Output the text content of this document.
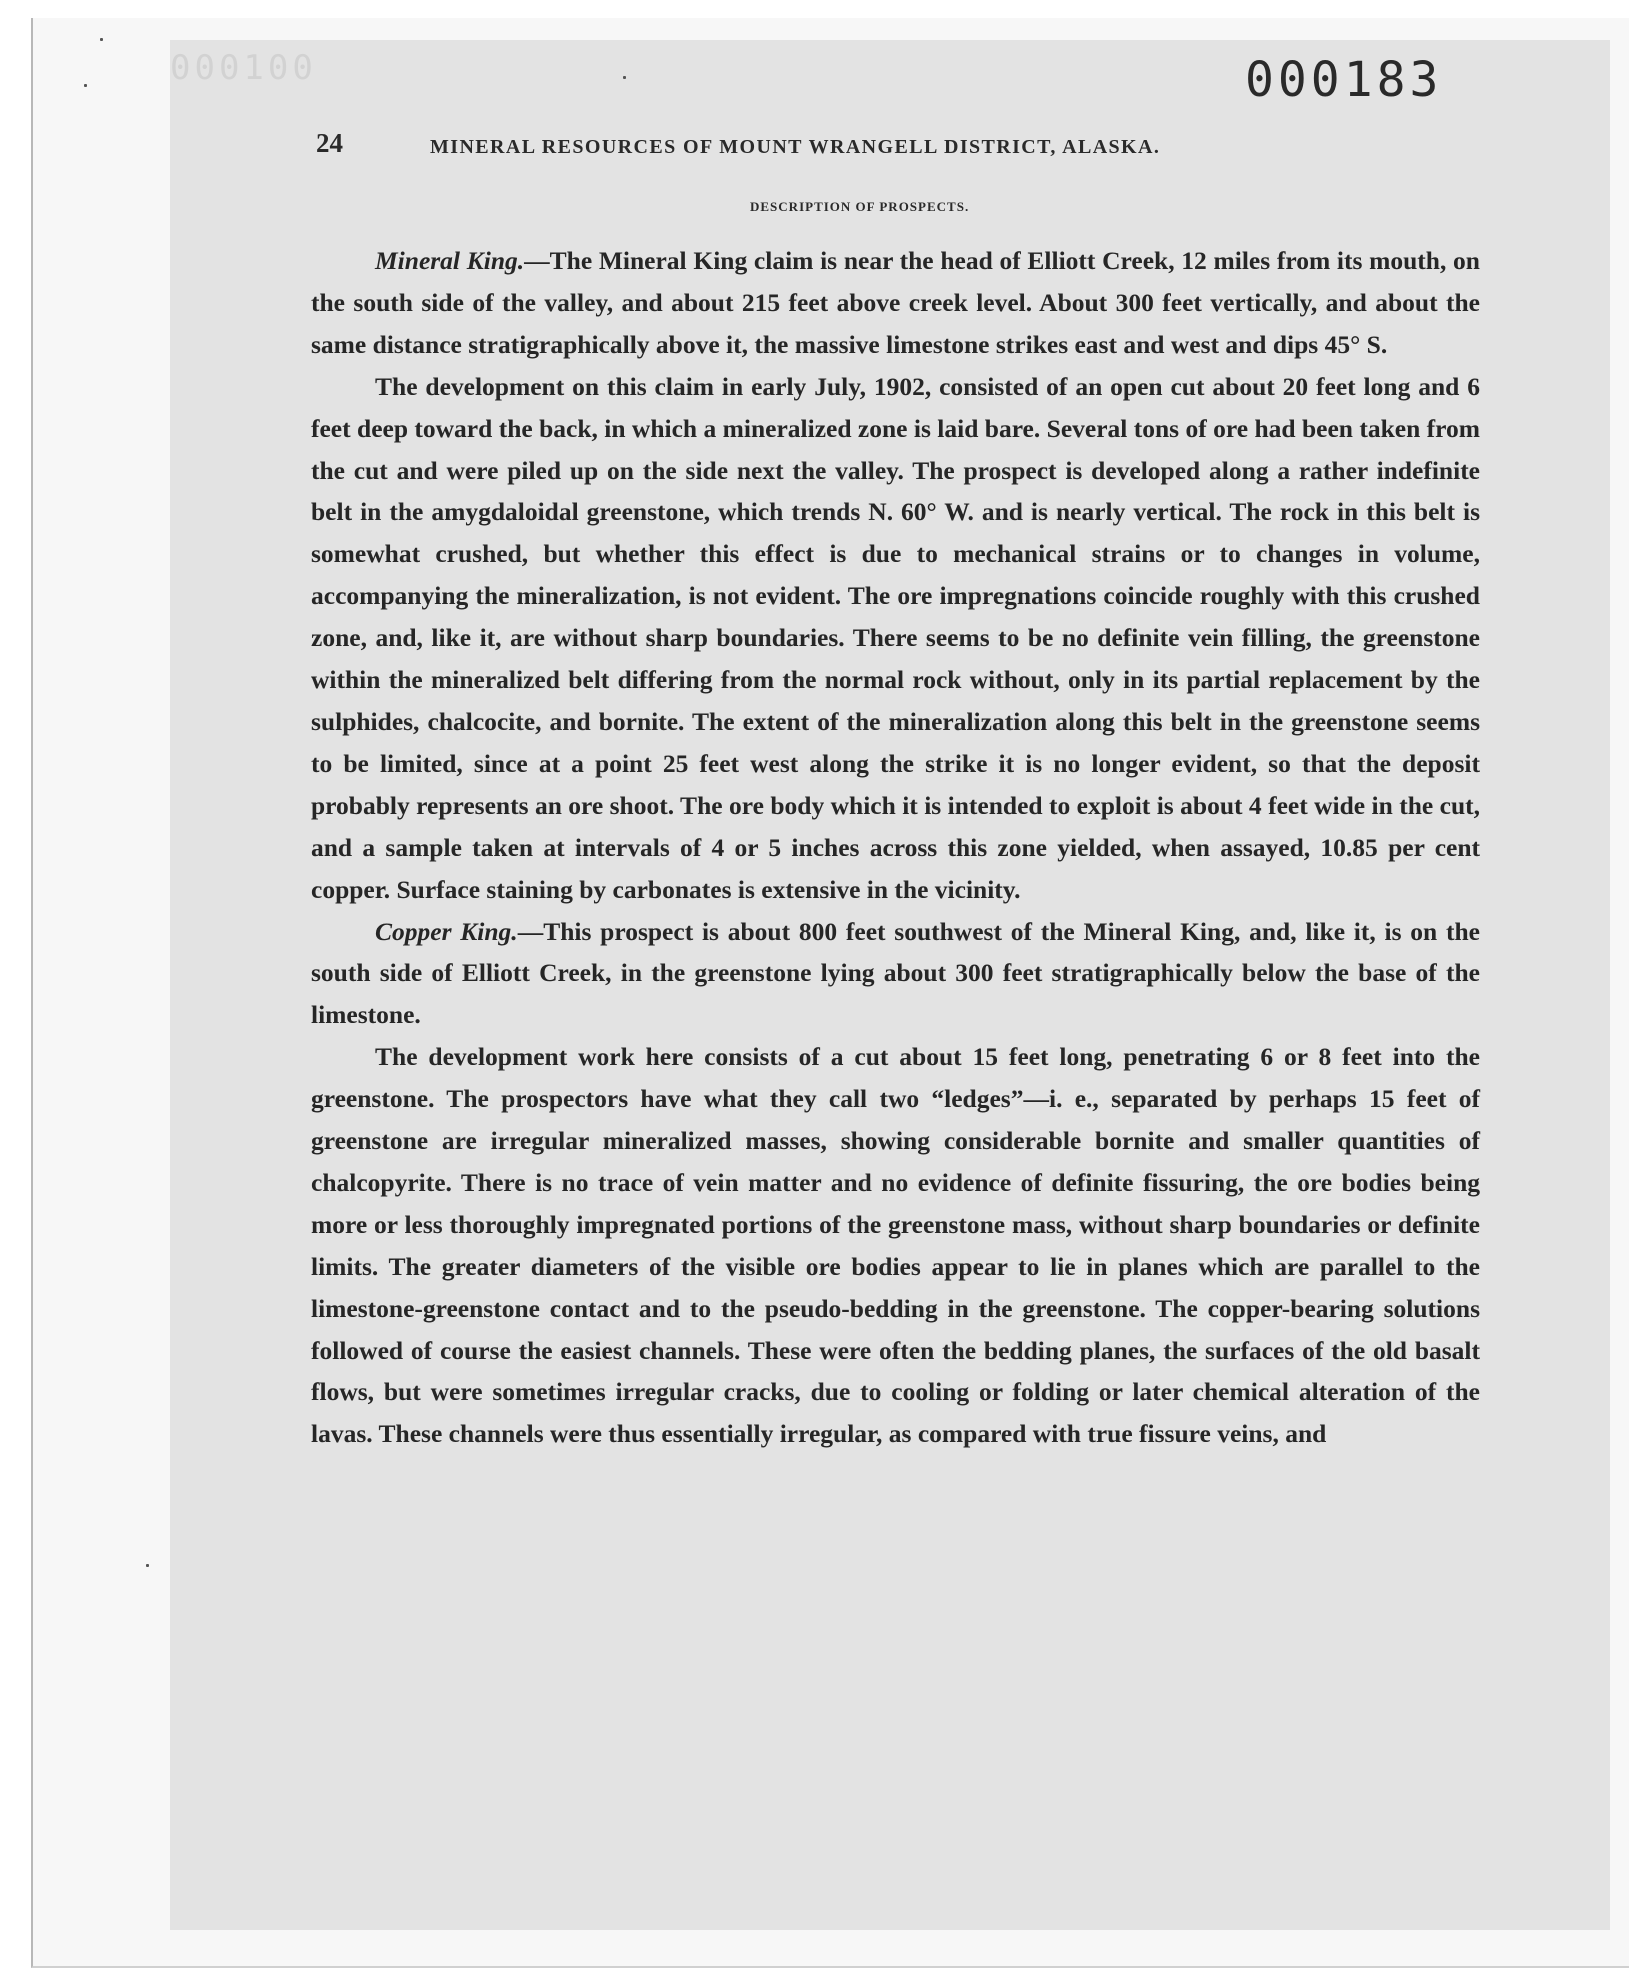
000100	000183
24	MINERAL RESOURCES OF MOUNT WRANGELL DISTRICT, ALASKA.
DESCRIPTION OF PROSPECTS.

Mineral King.—The Mineral King claim is near the head of Elliott Creek, 12 miles from its mouth, on the south side of the valley, and about 215 feet above creek level. About 300 feet vertically, and about the same distance stratigraphically above it, the massive limestone strikes east and west and dips 45° S.

The development on this claim in early July, 1902, consisted of an open cut about 20 feet long and 6 feet deep toward the back, in which a mineralized zone is laid bare. Several tons of ore had been taken from the cut and were piled up on the side next the valley. The prospect is developed along a rather indefinite belt in the amygdaloidal greenstone, which trends N. 60° W. and is nearly vertical. The rock in this belt is somewhat crushed, but whether this effect is due to mechanical strains or to changes in volume, accompanying the mineralization, is not evident. The ore impregnations coincide roughly with this crushed zone, and, like it, are without sharp boundaries. There seems to be no definite vein filling, the greenstone within the mineralized belt differing from the normal rock without, only in its partial replacement by the sulphides, chalcocite, and bornite. The extent of the mineralization along this belt in the greenstone seems to be limited, since at a point 25 feet west along the strike it is no longer evident, so that the deposit probably represents an ore shoot. The ore body which it is intended to exploit is about 4 feet wide in the cut, and a sample taken at intervals of 4 or 5 inches across this zone yielded, when assayed, 10.85 per cent copper. Surface staining by carbonates is extensive in the vicinity.

Copper King.—This prospect is about 800 feet southwest of the Mineral King, and, like it, is on the south side of Elliott Creek, in the greenstone lying about 300 feet stratigraphically below the base of the limestone.

The development work here consists of a cut about 15 feet long, penetrating 6 or 8 feet into the greenstone. The prospectors have what they call two “ledges”—i. e., separated by perhaps 15 feet of greenstone are irregular mineralized masses, showing considerable bornite and smaller quantities of chalcopyrite. There is no trace of vein matter and no evidence of definite fissuring, the ore bodies being more or less thoroughly impregnated portions of the greenstone mass, without sharp boundaries or definite limits. The greater diameters of the visible ore bodies appear to lie in planes which are parallel to the limestone-greenstone contact and to the pseudo-bedding in the greenstone. The copper-bearing solutions followed of course the easiest channels. These were often the bedding planes, the surfaces of the old basalt flows, but were sometimes irregular cracks, due to cooling or folding or later chemical alteration of the lavas. These channels were thus essentially irregular, as compared with true fissure veins, and
